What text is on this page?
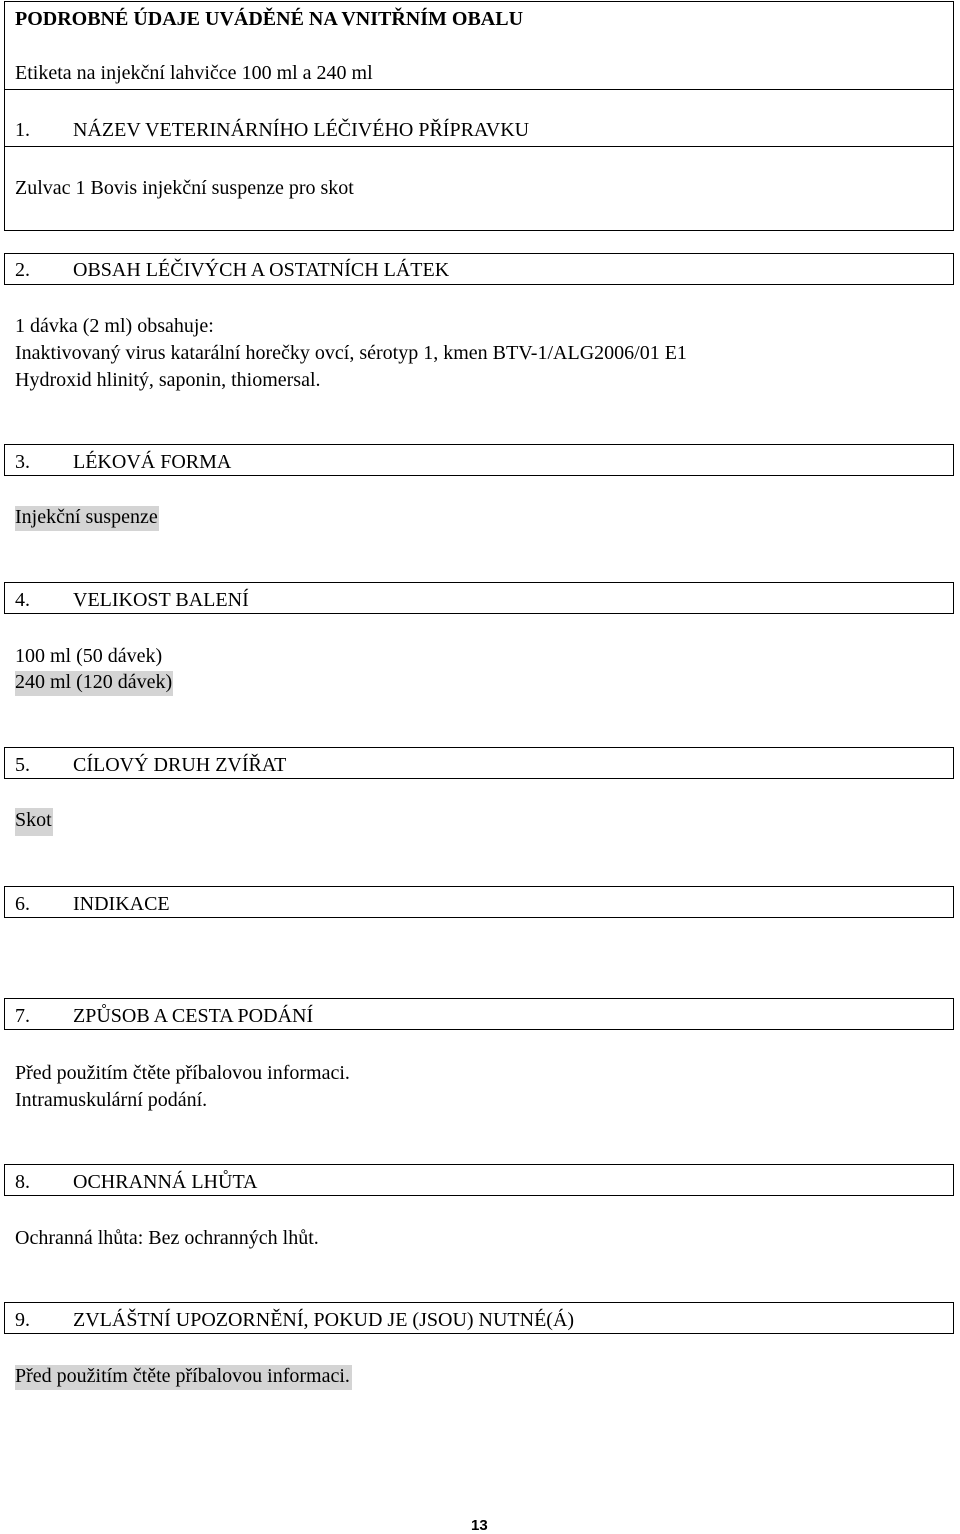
PODROBNÉ ÚDAJE UVÁDĚNÉ NA VNITŘNÍM OBALU
Etiketa na injekční lahvičce 100 ml a 240 ml
1. NÁZEV VETERINÁRNÍHO LÉČIVÉHO PŘÍPRAVKU
Zulvac 1 Bovis injekční suspenze pro skot
2. OBSAH LÉČIVÝCH A OSTATNÍCH LÁTEK
1 dávka (2 ml) obsahuje:
Inaktivovaný virus katarální horečky ovcí, sérotyp 1, kmen BTV-1/ALG2006/01 E1
Hydroxid hlinitý, saponin, thiomersal.
3. LÉKOVÁ FORMA
Injekční suspenze
4. VELIKOST BALENÍ
100 ml (50 dávek)
240 ml (120 dávek)
5. CÍLOVÝ DRUH ZVÍŘAT
Skot
6. INDIKACE
7. ZPŮSOB A CESTA PODÁNÍ
Před použitím čtěte příbalovou informaci.
Intramuskulární podání.
8. OCHRANNÁ LHŮTA
Ochranná lhůta: Bez ochranných lhůt.
9. ZVLÁŠTNÍ UPOZORNĚNÍ, POKUD JE (JSOU) NUTNÉ(Á)
Před použitím čtěte příbalovou informaci.
13
